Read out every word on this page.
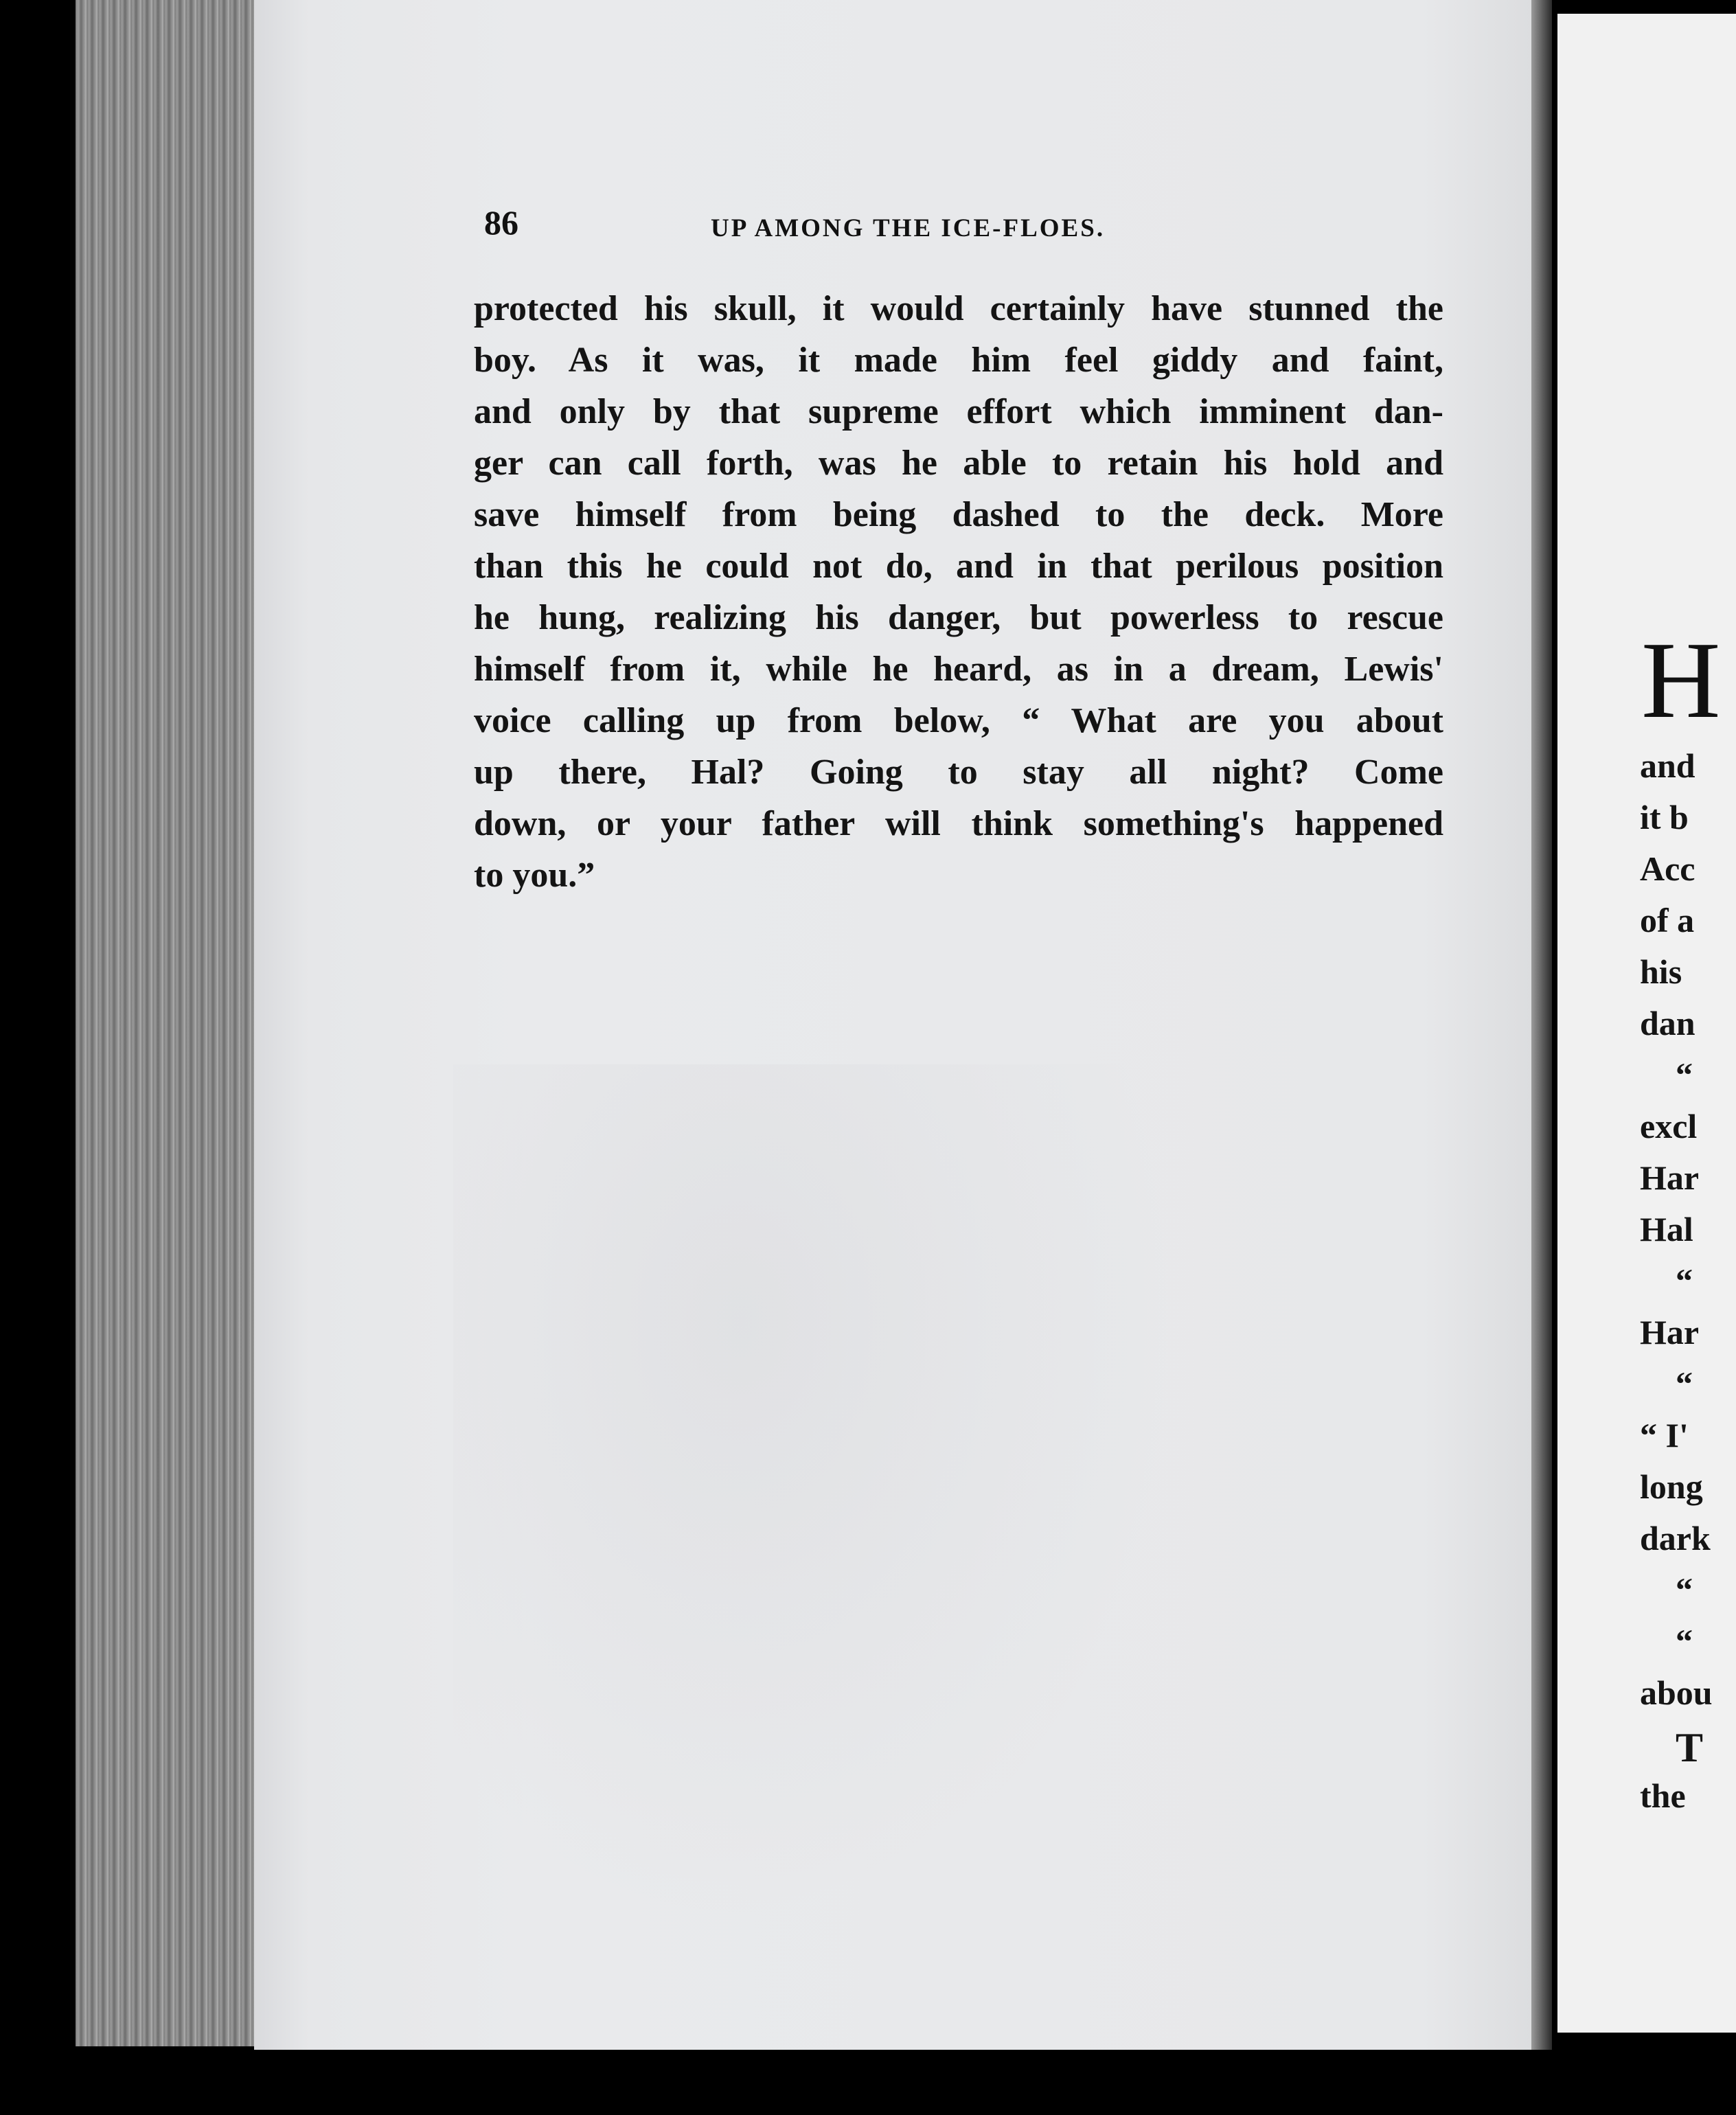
86	UP AMONG THE ICE-FLOES.
protected his skull, it would certainly have stunned the
boy. As it was, it made him feel giddy and faint,
and only by that supreme effort which imminent dan-
ger can call forth, was he able to retain his hold and
save himself from being dashed to the deck. More
than this he could not do, and in that perilous position
he hung, realizing his danger, but powerless to rescue
himself from it, while he heard, as in a dream, Lewis'
voice calling up from below, “ What are you about
up there, Hal? Going to stay all night? Come
down, or your father will think something's happened
to you.”
H
and
it b
Acc
of a
his
dan
“
excl
Har
Hal
“
Har
“
“ I'
long
dark
“
“
abou
T
the
